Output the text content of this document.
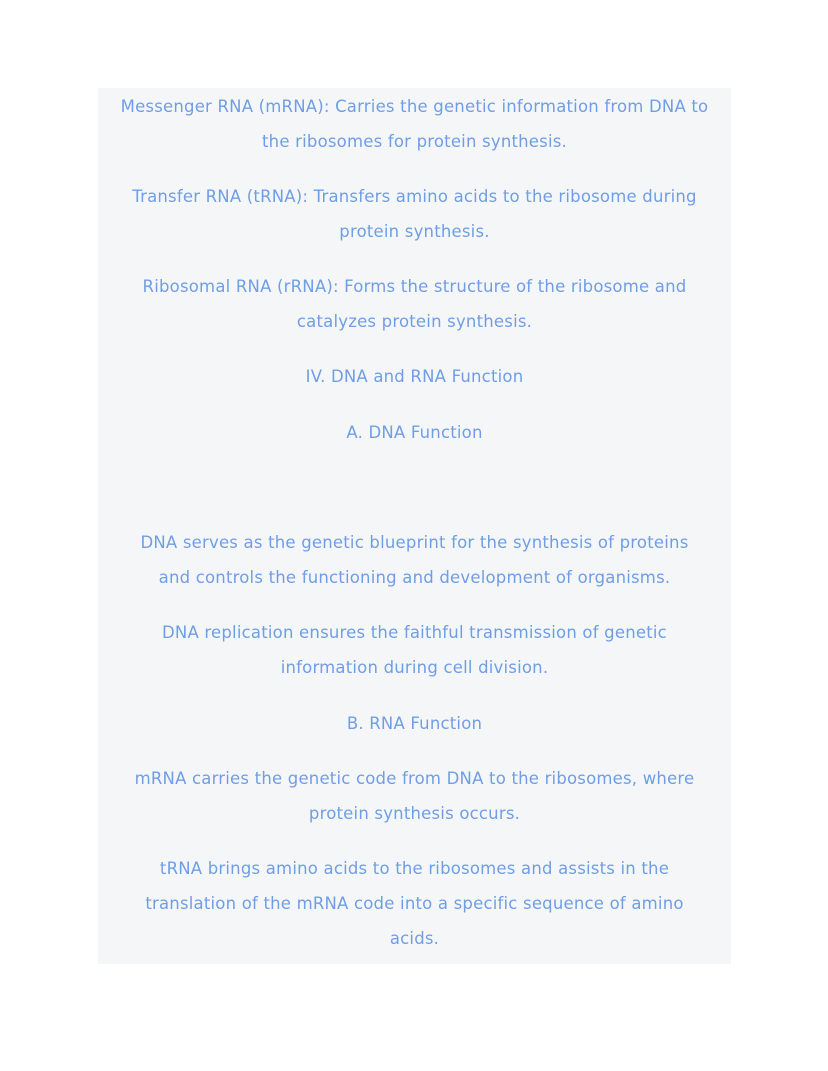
Messenger RNA (mRNA): Carries the genetic information from DNA to
the ribosomes for protein synthesis.
Transfer RNA (tRNA): Transfers amino acids to the ribosome during
protein synthesis.
Ribosomal RNA (rRNA): Forms the structure of the ribosome and
catalyzes protein synthesis.
IV. DNA and RNA Function
A. DNA Function
DNA serves as the genetic blueprint for the synthesis of proteins
and controls the functioning and development of organisms.
DNA replication ensures the faithful transmission of genetic
information during cell division.
B. RNA Function
mRNA carries the genetic code from DNA to the ribosomes, where
protein synthesis occurs.
tRNA brings amino acids to the ribosomes and assists in the
translation of the mRNA code into a specific sequence of amino
acids.
